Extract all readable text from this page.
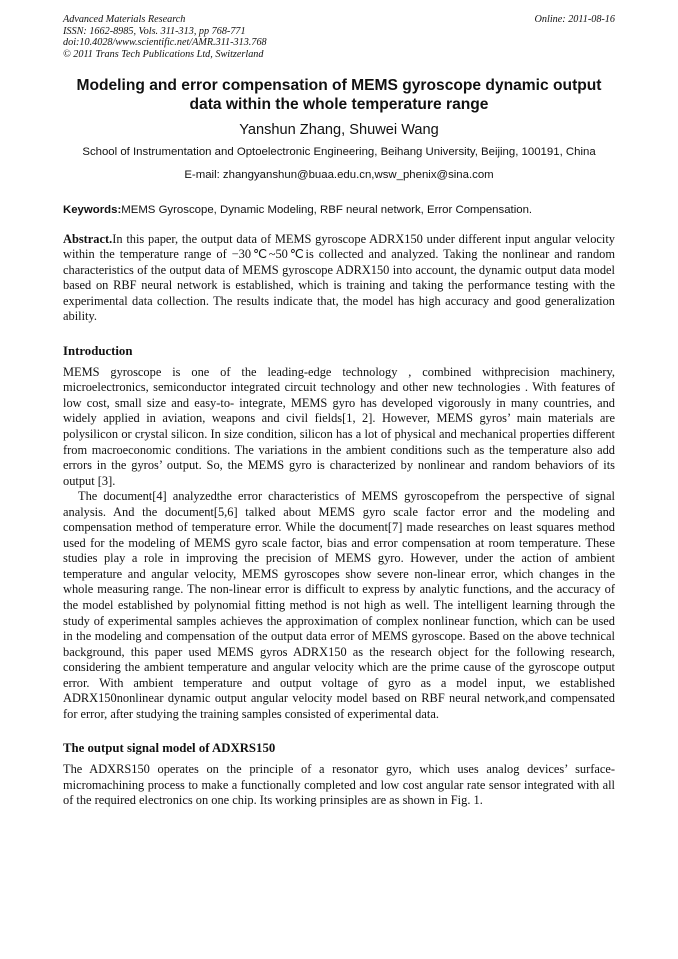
Advanced Materials Research
ISSN: 1662-8985, Vols. 311-313, pp 768-771
doi:10.4028/www.scientific.net/AMR.311-313.768
© 2011 Trans Tech Publications Ltd, Switzerland
Online: 2011-08-16
Modeling and error compensation of MEMS gyroscope dynamic output data within the whole temperature range
Yanshun Zhang, Shuwei Wang
School of Instrumentation and Optoelectronic Engineering, Beihang University, Beijing, 100191, China
E-mail: zhangyanshun@buaa.edu.cn,wsw_phenix@sina.com
Keywords:MEMS Gyroscope, Dynamic Modeling, RBF neural network, Error Compensation.

Abstract.In this paper, the output data of MEMS gyroscope ADRX150 under different input angular velocity within the temperature range of −30℃~50℃is collected and analyzed. Taking the nonlinear and random characteristics of the output data of MEMS gyroscope ADRX150 into account, the dynamic output data model based on RBF neural network is established, which is training and taking the performance testing with the experimental data collection. The results indicate that, the model has high accuracy and good generalization ability.

Introduction

MEMS gyroscope is one of the leading-edge technology , combined withprecision machinery, microelectronics, semiconductor integrated circuit technology and other new technologies . With features of low cost, small size and easy-to- integrate, MEMS gyro has developed vigorously in many countries, and widely applied in aviation, weapons and civil fields[1, 2]. However, MEMS gyros’ main materials are polysilicon or crystal silicon. In size condition, silicon has a lot of physical and mechanical properties different from macroeconomic conditions. The variations in the ambient conditions such as the temperature also add errors in the gyros’ output. So, the MEMS gyro is characterized by nonlinear and random behaviors of its output [3].

The document[4] analyzedthe error characteristics of MEMS gyroscopefrom the perspective of signal analysis. And the document[5,6] talked about MEMS gyro scale factor error and the modeling and compensation method of temperature error. While the document[7] made researches on least squares method used for the modeling of MEMS gyro scale factor, bias and error compensation at room temperature. These studies play a role in improving the precision of MEMS gyro. However, under the action of ambient temperature and angular velocity, MEMS gyroscopes show severe non-linear error, which changes in the whole measuring range. The non-linear error is difficult to express by analytic functions, and the accuracy of the model established by polynomial fitting method is not high as well. The intelligent learning through the study of experimental samples achieves the approximation of complex nonlinear function, which can be used in the modeling and compensation of the output data error of MEMS gyroscope. Based on the above technical background, this paper used MEMS gyros ADRX150 as the research object for the following research, considering the ambient temperature and angular velocity which are the prime cause of the gyroscope output error. With ambient temperature and output voltage of gyro as a model input, we established ADRX150nonlinear dynamic output angular velocity model based on RBF neural network,and compensated for error, after studying the training samples consisted of experimental data.

The output signal model of ADXRS150

The ADXRS150 operates on the principle of a resonator gyro, which uses analog devices’ surface-micromachining process to make a functionally completed and low cost angular rate sensor integrated with all of the required electronics on one chip. Its working prinsiples are as shown in Fig. 1.
